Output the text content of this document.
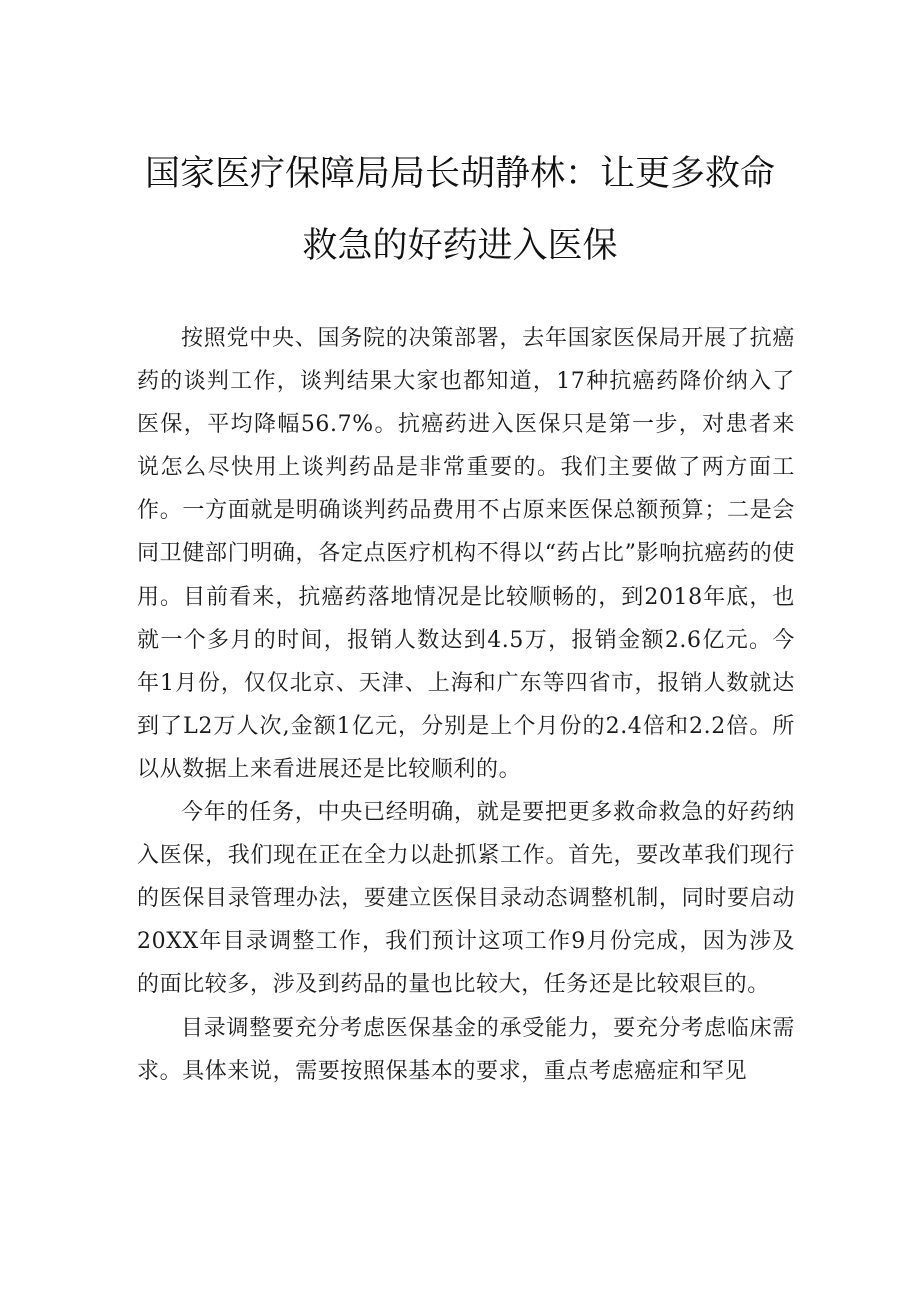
国家医疗保障局局长胡静林：让更多救命
救急的好药进入医保

按照党中央、国务院的决策部署，去年国家医保局开展了抗癌药的谈判工作，谈判结果大家也都知道，17种抗癌药降价纳入了医保，平均降幅56.7%。抗癌药进入医保只是第一步，对患者来说怎么尽快用上谈判药品是非常重要的。我们主要做了两方面工作。一方面就是明确谈判药品费用不占原来医保总额预算；二是会同卫健部门明确，各定点医疗机构不得以“药占比”影响抗癌药的使用。目前看来，抗癌药落地情况是比较顺畅的，到2018年底，也就一个多月的时间，报销人数达到4.5万，报销金额2.6亿元。今年1月份，仅仅北京、天津、上海和广东等四省市，报销人数就达到了L2万人次,金额1亿元，分别是上个月份的2.4倍和2.2倍。所以从数据上来看进展还是比较顺利的。

今年的任务，中央已经明确，就是要把更多救命救急的好药纳入医保，我们现在正在全力以赴抓紧工作。首先，要改革我们现行的医保目录管理办法，要建立医保目录动态调整机制，同时要启动20XX年目录调整工作，我们预计这项工作9月份完成，因为涉及的面比较多，涉及到药品的量也比较大，任务还是比较艰巨的。

目录调整要充分考虑医保基金的承受能力，要充分考虑临床需求。具体来说，需要按照保基本的要求，重点考虑癌症和罕见
